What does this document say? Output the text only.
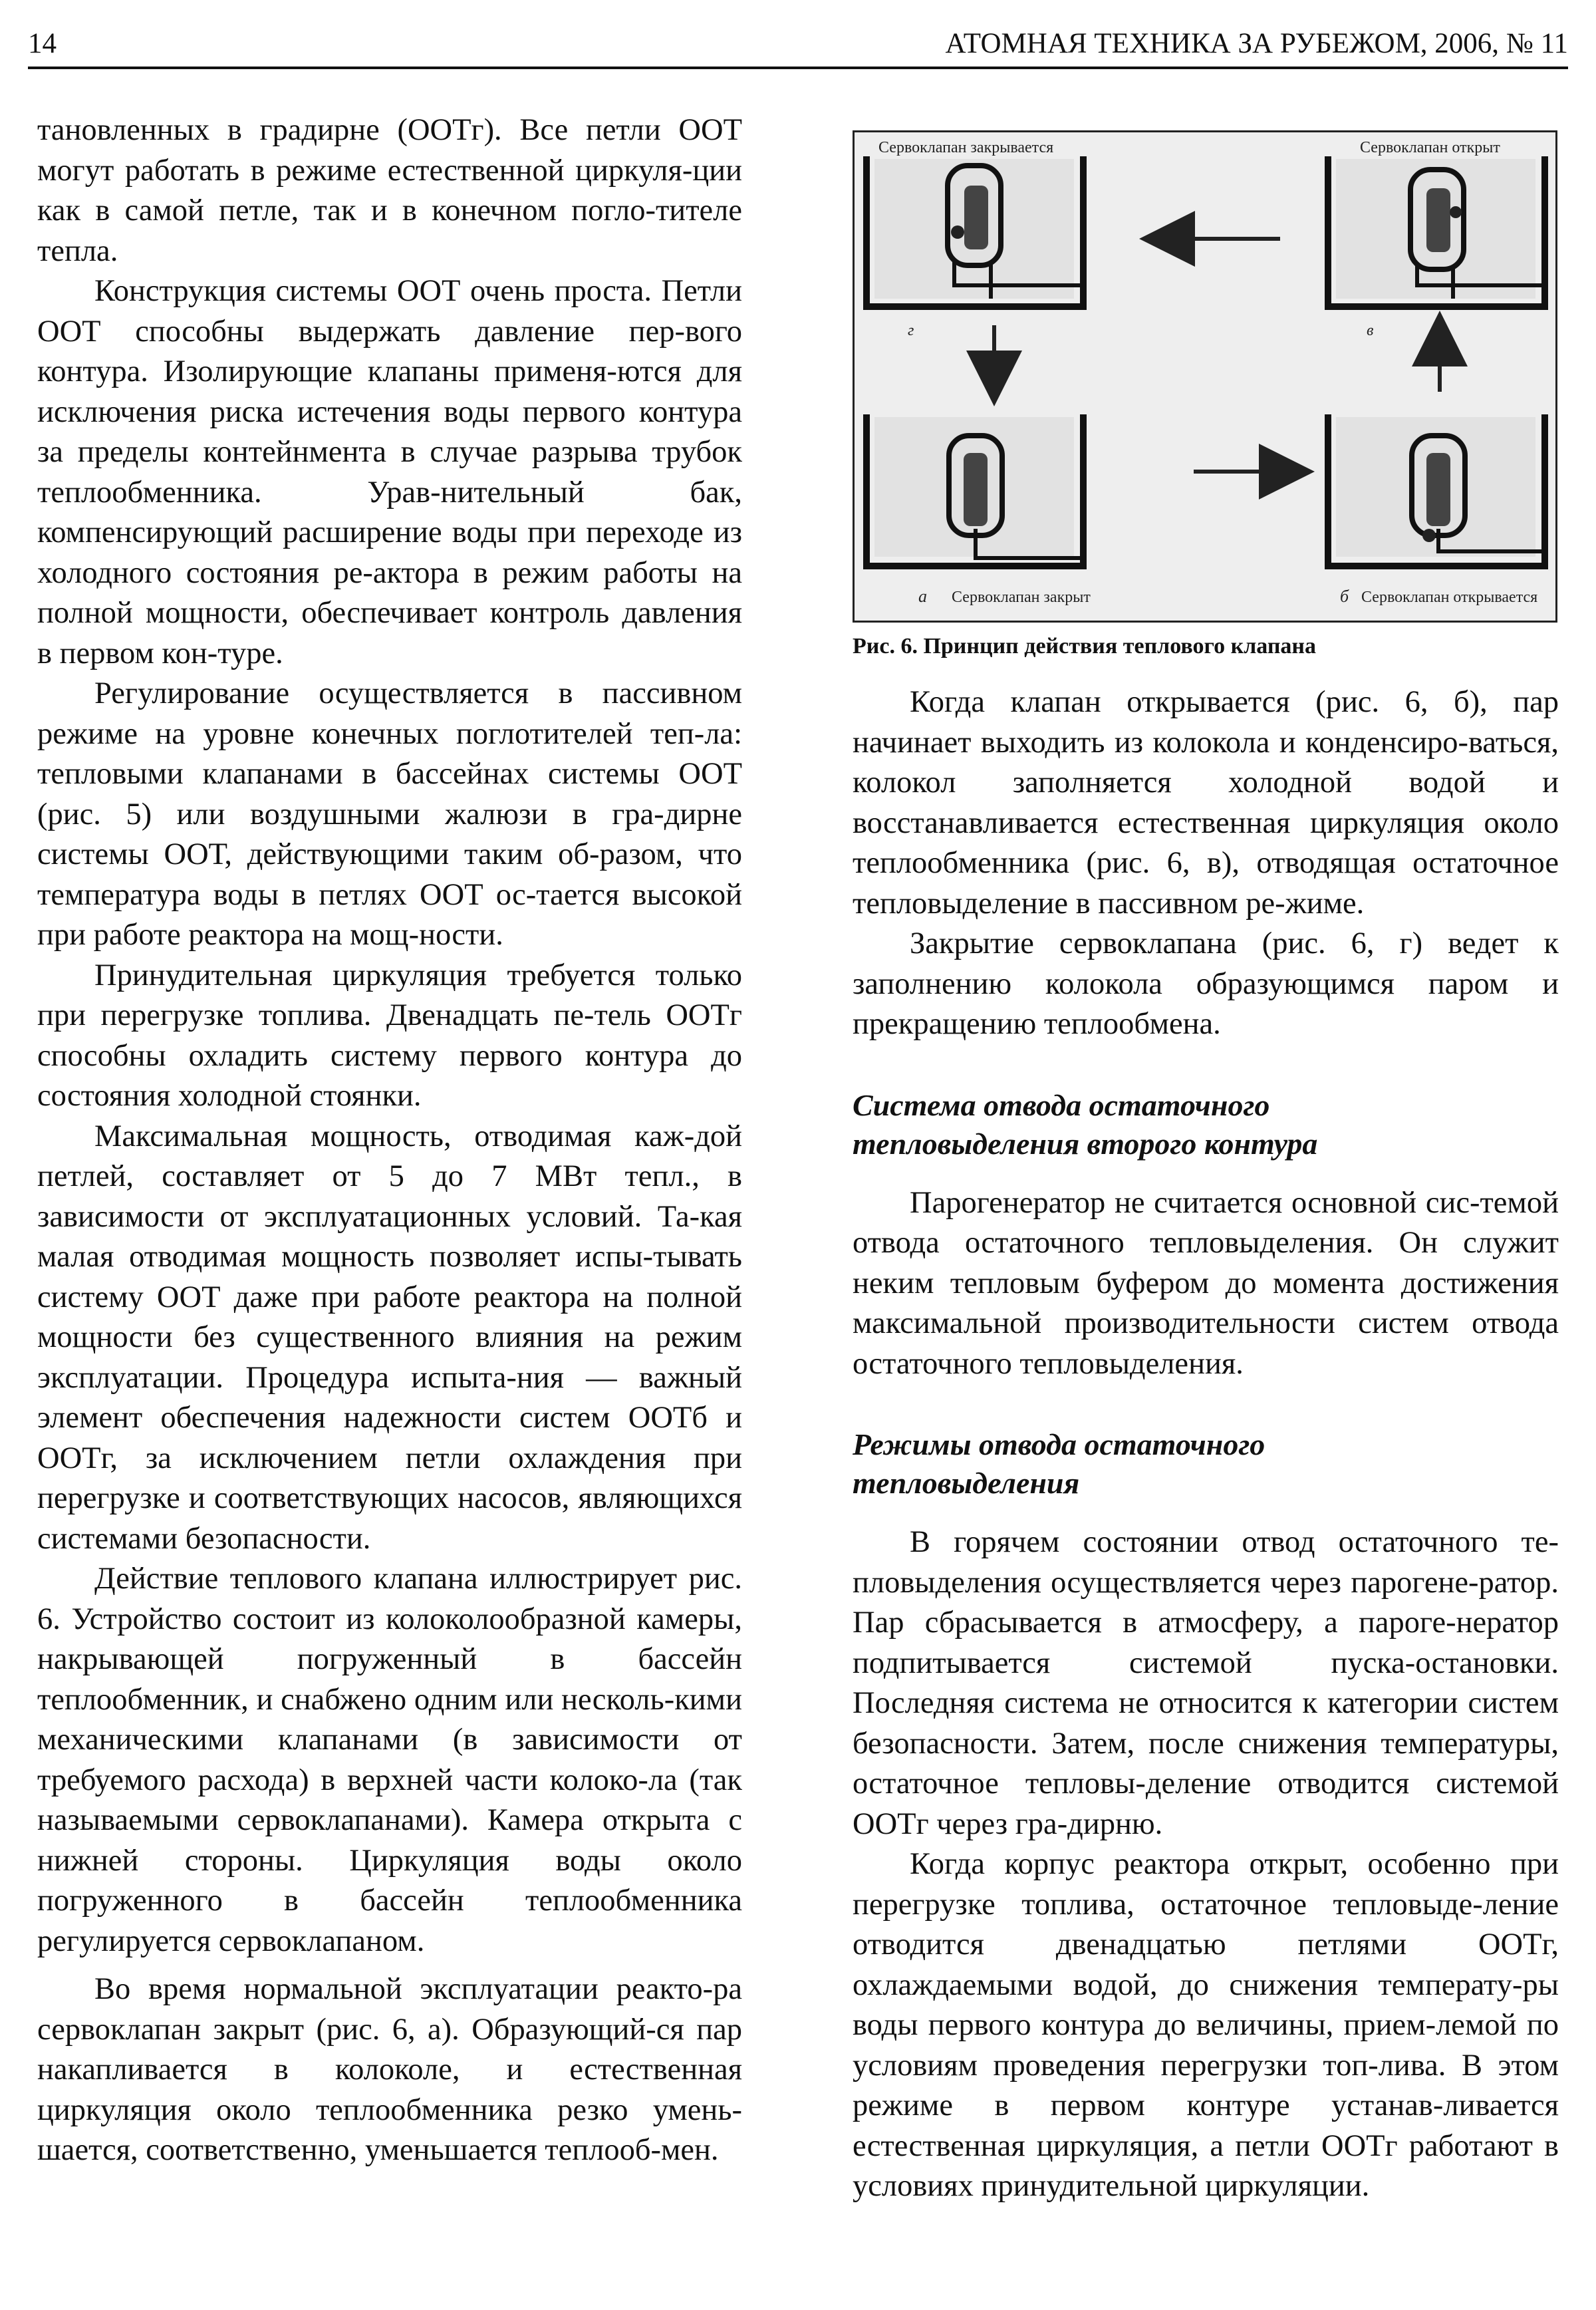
14	АТОМНАЯ ТЕХНИКА ЗА РУБЕЖОМ, 2006, № 11

тановленных в градирне (ООТг). Все петли ООТ могут работать в режиме естественной циркуля-ции как в самой петле, так и в конечном погло-тителе тепла.

Конструкция системы ООТ очень проста. Петли ООТ способны выдержать давление пер-вого контура. Изолирующие клапаны применя-ются для исключения риска истечения воды первого контура за пределы контейнмента в случае разрыва трубок теплообменника. Урав-нительный бак, компенсирующий расширение воды при переходе из холодного состояния ре-актора в режим работы на полной мощности, обеспечивает контроль давления в первом кон-туре.

Регулирование осуществляется в пассивном режиме на уровне конечных поглотителей теп-ла: тепловыми клапанами в бассейнах системы ООТ (рис. 5) или воздушными жалюзи в гра-дирне системы ООТ, действующими таким об-разом, что температура воды в петлях ООТ ос-тается высокой при работе реактора на мощ-ности.

Принудительная циркуляция требуется только при перегрузке топлива. Двенадцать пе-тель ООТг способны охладить систему первого контура до состояния холодной стоянки.

Максимальная мощность, отводимая каж-дой петлей, составляет от 5 до 7 МВт тепл., в зависимости от эксплуатационных условий. Та-кая малая отводимая мощность позволяет испы-тывать систему ООТ даже при работе реактора на полной мощности без существенного влияния на режим эксплуатации. Процедура испыта-ния — важный элемент обеспечения надежности систем ООТб и ООТг, за исключением петли охлаждения при перегрузке и соответствующих насосов, являющихся системами безопасности.

Действие теплового клапана иллюстрирует рис. 6. Устройство состоит из колоколообразной камеры, накрывающей погруженный в бассейн теплообменник, и снабжено одним или несколь-кими механическими клапанами (в зависимости от требуемого расхода) в верхней части колоко-ла (так называемыми сервоклапанами). Камера открыта с нижней стороны. Циркуляция воды около погруженного в бассейн теплообменника регулируется сервоклапаном.

Во время нормальной эксплуатации реакто-ра сервоклапан закрыт (рис. 6, а). Образующий-ся пар накапливается в колоколе, и естественная циркуляция около теплообменника резко умень-шается, соответственно, уменьшается теплооб-мен.

Сервоклапан закрывается	Сервоклапан открыт
г	в
а Сервоклапан закрыт	б Сервоклапан открывается
Рис. 6. Принцип действия теплового клапана

Когда клапан открывается (рис. 6, б), пар начинает выходить из колокола и конденсиро-ваться, колокол заполняется холодной водой и восстанавливается естественная циркуляция около теплообменника (рис. 6, в), отводящая остаточное тепловыделение в пассивном ре-жиме.

Закрытие сервоклапана (рис. 6, г) ведет к заполнению колокола образующимся паром и прекращению теплообмена.

Система отвода остаточного
тепловыделения второго контура

Парогенератор не считается основной сис-темой отвода остаточного тепловыделения. Он служит неким тепловым буфером до момента достижения максимальной производительности систем отвода остаточного тепловыделения.

Режимы отвода остаточного
тепловыделения

В горячем состоянии отвод остаточного те-пловыделения осуществляется через парогене-ратор. Пар сбрасывается в атмосферу, а пароге-нератор подпитывается системой пуска-остановки. Последняя система не относится к категории систем безопасности. Затем, после снижения температуры, остаточное тепловы-деление отводится системой ООТг через гра-дирню.

Когда корпус реактора открыт, особенно при перегрузке топлива, остаточное тепловыде-ление отводится двенадцатью петлями ООТг, охлаждаемыми водой, до снижения температу-ры воды первого контура до величины, прием-лемой по условиям проведения перегрузки топ-лива. В этом режиме в первом контуре устанав-ливается естественная циркуляция, а петли ООТг работают в условиях принудительной циркуляции.
